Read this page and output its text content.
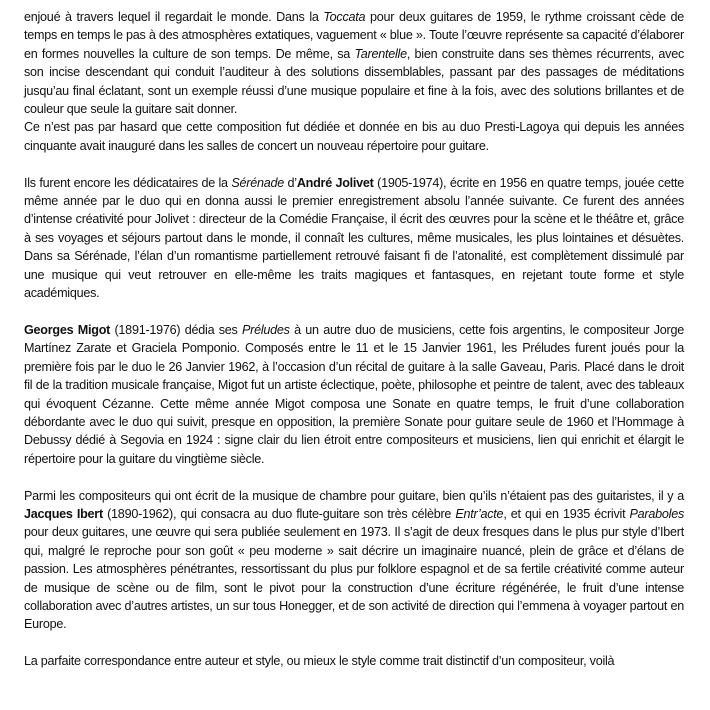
enjoué à travers lequel il regardait le monde. Dans la Toccata pour deux guitares de 1959, le rythme croissant cède de temps en temps le pas à des atmosphères extatiques, vaguement « blue ». Toute l’œuvre représente sa capacité d’élaborer en formes nouvelles la culture de son temps. De même, sa Tarentelle, bien construite dans ses thèmes récurrents, avec son incise descendant qui conduit l’auditeur à des solutions dissemblables, passant par des passages de méditations jusqu’au final éclatant, sont un exemple réussi d’une musique populaire et fine à la fois, avec des solutions brillantes et de couleur que seule la guitare sait donner.

Ce n’est pas par hasard que cette composition fut dédiée et donnée en bis au duo Presti-Lagoya qui depuis les années cinquante avait inauguré dans les salles de concert un nouveau répertoire pour guitare.

Ils furent encore les dédicataires de la Sérénade d’André Jolivet (1905-1974), écrite en 1956 en quatre temps, jouée cette même année par le duo qui en donna aussi le premier enregistrement absolu l’année suivante. Ce furent des années d’intense créativité pour Jolivet : directeur de la Comédie Française, il écrit des œuvres pour la scène et le théâtre et, grâce à ses voyages et séjours partout dans le monde, il connaît les cultures, même musicales, les plus lointaines et désuètes. Dans sa Sérénade, l’élan d’un romantisme partiellement retrouvé faisant fi de l’atonalité, est complètement dissimulé par une musique qui veut retrouver en elle-même les traits magiques et fantasques, en rejetant toute forme et style académiques.

Georges Migot (1891-1976) dédia ses Préludes à un autre duo de musiciens, cette fois argentins, le compositeur Jorge Martínez Zarate et Graciela Pomponio. Composés entre le 11 et le 15 Janvier 1961, les Préludes furent joués pour la première fois par le duo le 26 Janvier 1962, à l’occasion d’un récital de guitare à la salle Gaveau, Paris. Placé dans le droit fil de la tradition musicale française, Migot fut un artiste éclectique, poète, philosophe et peintre de talent, avec des tableaux qui évoquent Cézanne. Cette même année Migot composa une Sonate en quatre temps, le fruit d’une collaboration débordante avec le duo qui suivit, presque en opposition, la première Sonate pour guitare seule de 1960 et l’Hommage à Debussy dédié à Segovia en 1924 : signe clair du lien étroit entre compositeurs et musiciens, lien qui enrichit et élargit le répertoire pour la guitare du vingtième siècle.

Parmi les compositeurs qui ont écrit de la musique de chambre pour guitare, bien qu’ils n’étaient pas des guitaristes, il y a Jacques Ibert (1890-1962), qui consacra au duo flute-guitare son très célèbre Entr’acte, et qui en 1935 écrivit Paraboles pour deux guitares, une œuvre qui sera publiée seulement en 1973. Il s’agit de deux fresques dans le plus pur style d’Ibert qui, malgré le reproche pour son goût « peu moderne » sait décrire un imaginaire nuancé, plein de grâce et d’élans de passion. Les atmosphères pénétrantes, ressortissant du plus pur folklore espagnol et de sa fertile créativité comme auteur de musique de scène ou de film, sont le pivot pour la construction d’une écriture régénérée, le fruit d’une intense collaboration avec d’autres artistes, un sur tous Honegger, et de son activité de direction qui l’emmena à voyager partout en Europe.

La parfaite correspondance entre auteur et style, ou mieux le style comme trait distinctif d’un compositeur, voilà
